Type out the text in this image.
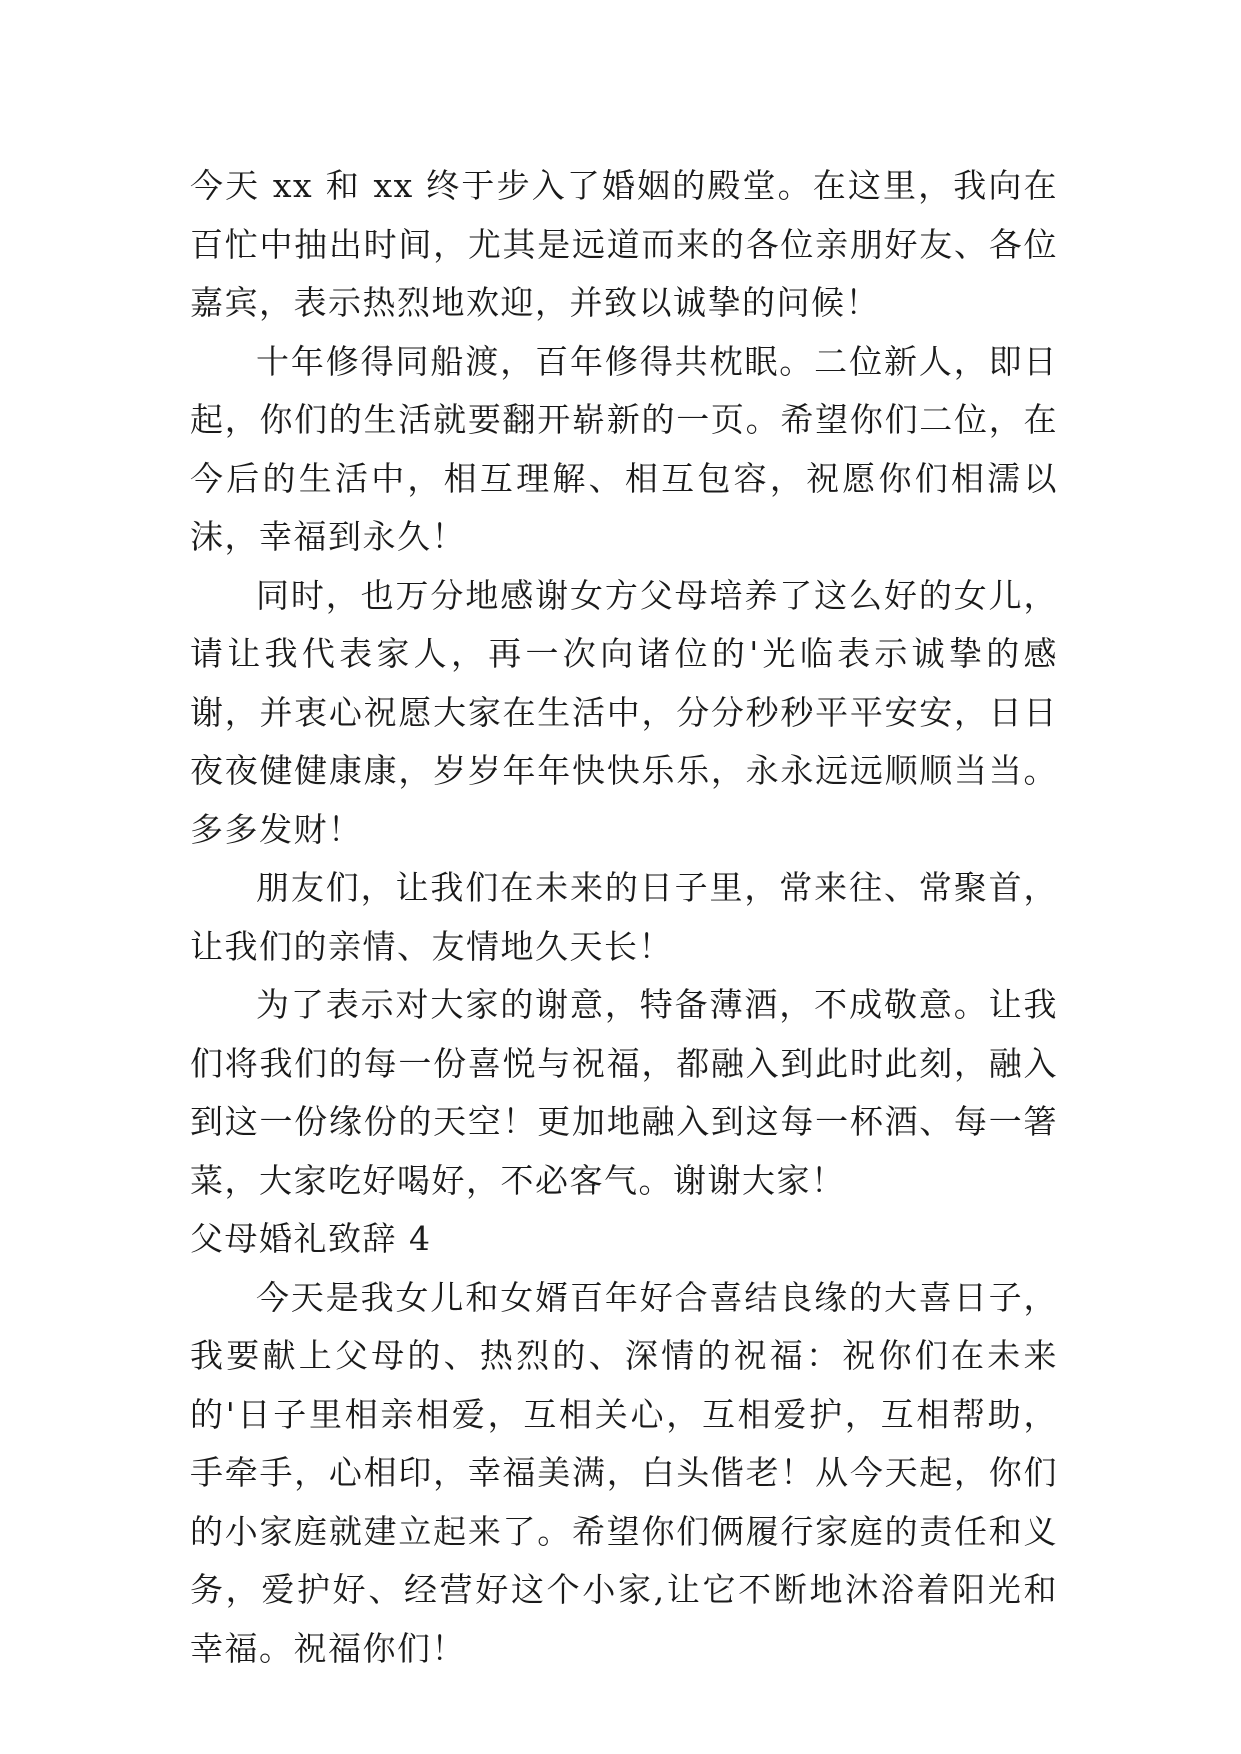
今天 xx 和 xx 终于步入了婚姻的殿堂。在这里，我向在百忙中抽出时间，尤其是远道而来的各位亲朋好友、各位嘉宾，表示热烈地欢迎，并致以诚挚的问候！

十年修得同船渡，百年修得共枕眠。二位新人，即日起，你们的生活就要翻开崭新的一页。希望你们二位，在今后的生活中，相互理解、相互包容，祝愿你们相濡以沫，幸福到永久！

同时，也万分地感谢女方父母培养了这么好的女儿，请让我代表家人，再一次向诸位的'光临表示诚挚的感谢，并衷心祝愿大家在生活中，分分秒秒平平安安，日日夜夜健健康康，岁岁年年快快乐乐，永永远远顺顺当当。多多发财！

朋友们，让我们在未来的日子里，常来往、常聚首，让我们的亲情、友情地久天长！

为了表示对大家的谢意，特备薄酒，不成敬意。让我们将我们的每一份喜悦与祝福，都融入到此时此刻，融入到这一份缘份的天空！更加地融入到这每一杯酒、每一箸菜，大家吃好喝好，不必客气。谢谢大家！

父母婚礼致辞 4

今天是我女儿和女婿百年好合喜结良缘的大喜日子，我要献上父母的、热烈的、深情的祝福：祝你们在未来的'日子里相亲相爱，互相关心，互相爱护，互相帮助，手牵手，心相印，幸福美满，白头偕老！从今天起，你们的小家庭就建立起来了。希望你们俩履行家庭的责任和义务，爱护好、经营好这个小家,让它不断地沐浴着阳光和幸福。祝福你们！
